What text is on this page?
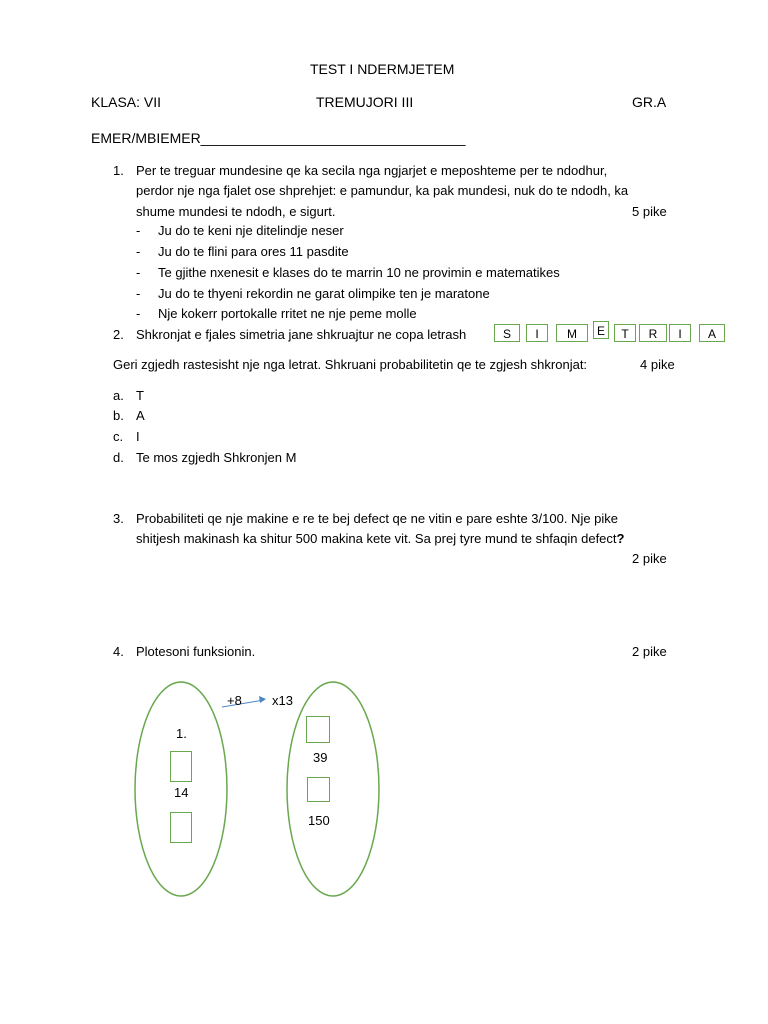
TEST I NDERMJETEM
KLASA: VII	TREMUJORI III	GR.A
EMER/MBIEMER__________________________________
1. Per te treguar mundesine qe ka secila nga ngjarjet e meposhteme per te ndodhur,
perdor nje nga fjalet ose shprehjet: e pamundur, ka pak mundesi, nuk do te ndodh, ka
shume mundesi te ndodh, e sigurt.	5 pike
- Ju do te keni nje ditelindje neser
- Ju do te flini para ores 11 pasdite
- Te gjithe nxenesit e klases do te marrin 10 ne provimin e matematikes
- Ju do te thyeni rekordin ne garat olimpike ten je maratone
- Nje kokerr portokalle rritet ne nje peme molle
2. Shkronjat e fjales simetria jane shkruajtur ne copa letrash	S	I	M	E	T	R	I	A
Geri zgjedh rastesisht nje nga letrat. Shkruani probabilitetin qe te zgjesh shkronjat:	4 pike
a. T
b. A
c. I
d. Te mos zgjedh Shkronjen M
3. Probabiliteti qe nje makine e re te bej defect qe ne vitin e pare eshte 3/100. Nje pike
shitjesh makinash ka shitur 500 makina kete vit. Sa prej tyre mund te shfaqin defect?
2 pike
4. Plotesoni funksionin.	2 pike
+8 x13
1.
14
39
150
